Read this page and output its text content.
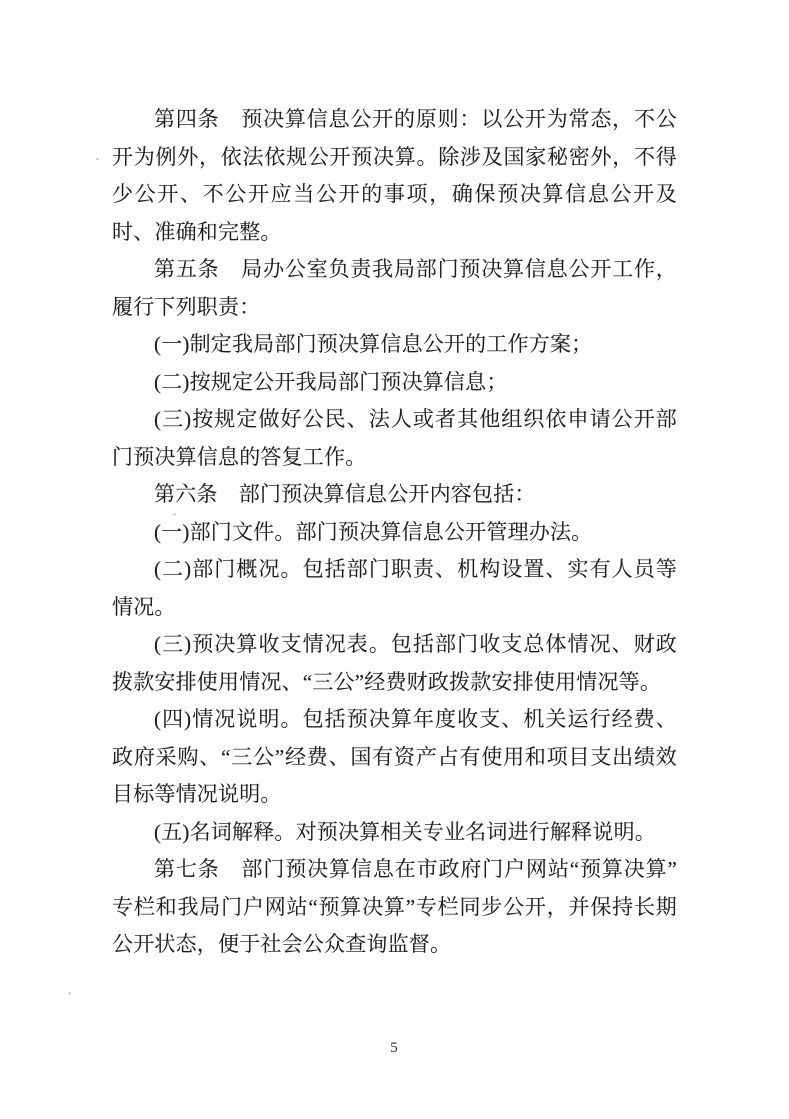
第四条　预决算信息公开的原则：以公开为常态，不公开为例外，依法依规公开预决算。除涉及国家秘密外，不得少公开、不公开应当公开的事项，确保预决算信息公开及时、准确和完整。

第五条　局办公室负责我局部门预决算信息公开工作，履行下列职责：

(一)制定我局部门预决算信息公开的工作方案；

(二)按规定公开我局部门预决算信息；

(三)按规定做好公民、法人或者其他组织依申请公开部门预决算信息的答复工作。

第六条　部门预决算信息公开内容包括：

(一)部门文件。部门预决算信息公开管理办法。

(二)部门概况。包括部门职责、机构设置、实有人员等情况。

(三)预决算收支情况表。包括部门收支总体情况、财政拨款安排使用情况、“三公”经费财政拨款安排使用情况等。

(四)情况说明。包括预决算年度收支、机关运行经费、政府采购、“三公”经费、国有资产占有使用和项目支出绩效目标等情况说明。

(五)名词解释。对预决算相关专业名词进行解释说明。

第七条　部门预决算信息在市政府门户网站“预算决算”专栏和我局门户网站“预算决算”专栏同步公开，并保持长期公开状态，便于社会公众查询监督。

5
